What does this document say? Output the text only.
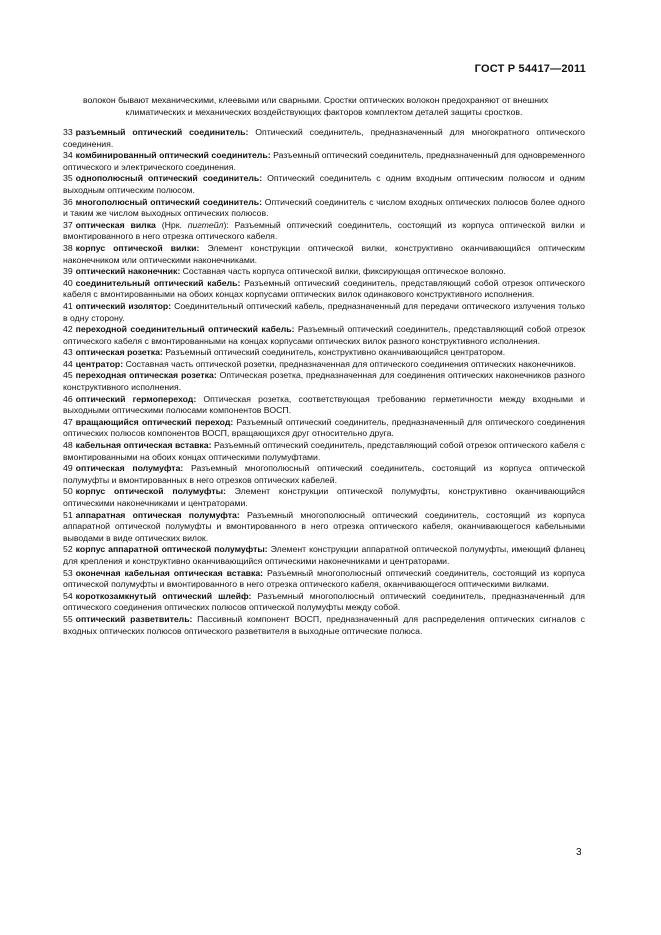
ГОСТ Р 54417—2011
волокон бывают механическими, клеевыми или сварными. Сростки оптических волокон предохраняют от внешних
климатических и механических воздействующих факторов комплектом деталей защиты сростков.

33 разъемный оптический соединитель: Оптический соединитель, предназначенный для многократного оптического соединения.

34 комбинированный оптический соединитель: Разъемный оптический соединитель, предназначенный для одновременного оптического и электрического соединения.

35 однополюсный оптический соединитель: Оптический соединитель с одним входным оптическим полюсом и одним выходным оптическим полюсом.

36 многополюсный оптический соединитель: Оптический соединитель с числом входных оптических полюсов более одного и таким же числом выходных оптических полюсов.

37 оптическая вилка (Нрк. пигтейл): Разъемный оптический соединитель, состоящий из корпуса оптической вилки и вмонтированного в него отрезка оптического кабеля.

38 корпус оптической вилки: Элемент конструкции оптической вилки, конструктивно оканчивающийся оптическим наконечником или оптическими наконечниками.

39 оптический наконечник: Составная часть корпуса оптической вилки, фиксирующая оптическое волокно.

40 соединительный оптический кабель: Разъемный оптический соединитель, представляющий собой отрезок оптического кабеля с вмонтированными на обоих концах корпусами оптических вилок одинакового конструктивного исполнения.

41 оптический изолятор: Соединительный оптический кабель, предназначенный для передачи оптического излучения только в одну сторону.

42 переходной соединительный оптический кабель: Разъемный оптический соединитель, представляющий собой отрезок оптического кабеля с вмонтированными на концах корпусами оптических вилок разного конструктивного исполнения.

43 оптическая розетка: Разъемный оптический соединитель, конструктивно оканчивающийся центратором.

44 центратор: Составная часть оптической розетки, предназначенная для оптического соединения оптических наконечников.

45 переходная оптическая розетка: Оптическая розетка, предназначенная для соединения оптических наконечников разного конструктивного исполнения.

46 оптический гермопереход: Оптическая розетка, соответствующая требованию герметичности между входными и выходными оптическими полюсами компонентов ВОСП.

47 вращающийся оптический переход: Разъемный оптический соединитель, предназначенный для оптического соединения оптических полюсов компонентов ВОСП, вращающихся друг относительно друга.

48 кабельная оптическая вставка: Разъемный оптический соединитель, представляющий собой отрезок оптического кабеля с вмонтированными на обоих концах оптическими полумуфтами.

49 оптическая полумуфта: Разъемный многополюсный оптический соединитель, состоящий из корпуса оптической полумуфты и вмонтированных в него отрезков оптических кабелей.

50 корпус оптической полумуфты: Элемент конструкции оптической полумуфты, конструктивно оканчивающийся оптическими наконечниками и центраторами.

51 аппаратная оптическая полумуфта: Разъемный многополюсный оптический соединитель, состоящий из корпуса аппаратной оптической полумуфты и вмонтированного в него отрезка оптического кабеля, оканчивающегося кабельными выводами в виде оптических вилок.

52 корпус аппаратной оптической полумуфты: Элемент конструкции аппаратной оптической полумуфты, имеющий фланец для крепления и конструктивно оканчивающийся оптическими наконечниками и центраторами.

53 оконечная кабельная оптическая вставка: Разъемный многополюсный оптический соединитель, состоящий из корпуса оптической полумуфты и вмонтированного в него отрезка оптического кабеля, оканчивающегося оптическими вилками.

54 короткозамкнутый оптический шлейф: Разъемный многополюсный оптический соединитель, предназначенный для оптического соединения оптических полюсов оптической полумуфты между собой.

55 оптический разветвитель: Пассивный компонент ВОСП, предназначенный для распределения оптических сигналов с входных оптических полюсов оптического разветвителя в выходные оптические полюса.

3
